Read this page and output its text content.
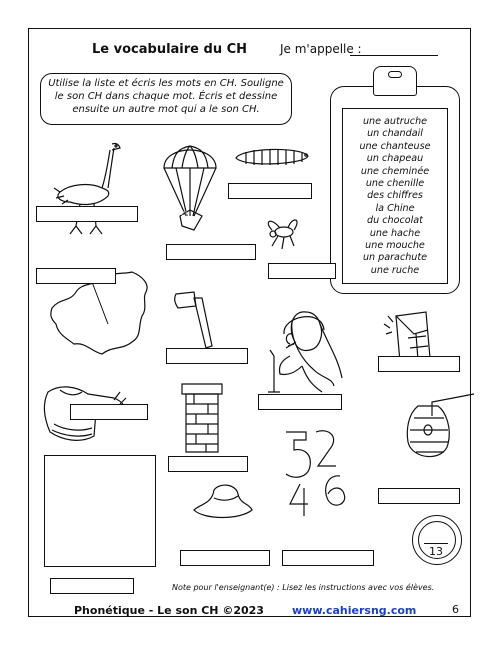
Le vocabulaire du CH	Je m'appelle :
Utilise la liste et écris les mots en CH. Souligne le son CH dans chaque mot. Écris et dessine ensuite un autre mot qui a le son CH.
une autruche
un chandail
une chanteuse
un chapeau
une cheminée
une chenille
des chiffres
la Chine
du chocolat
une hache
une mouche
un parachute
une ruche
CH
13
Note pour l'enseignant(e) : Lisez les instructions avec vos élèves.
Phonétique - Le son CH ©2023	www.cahiersng.com	6
